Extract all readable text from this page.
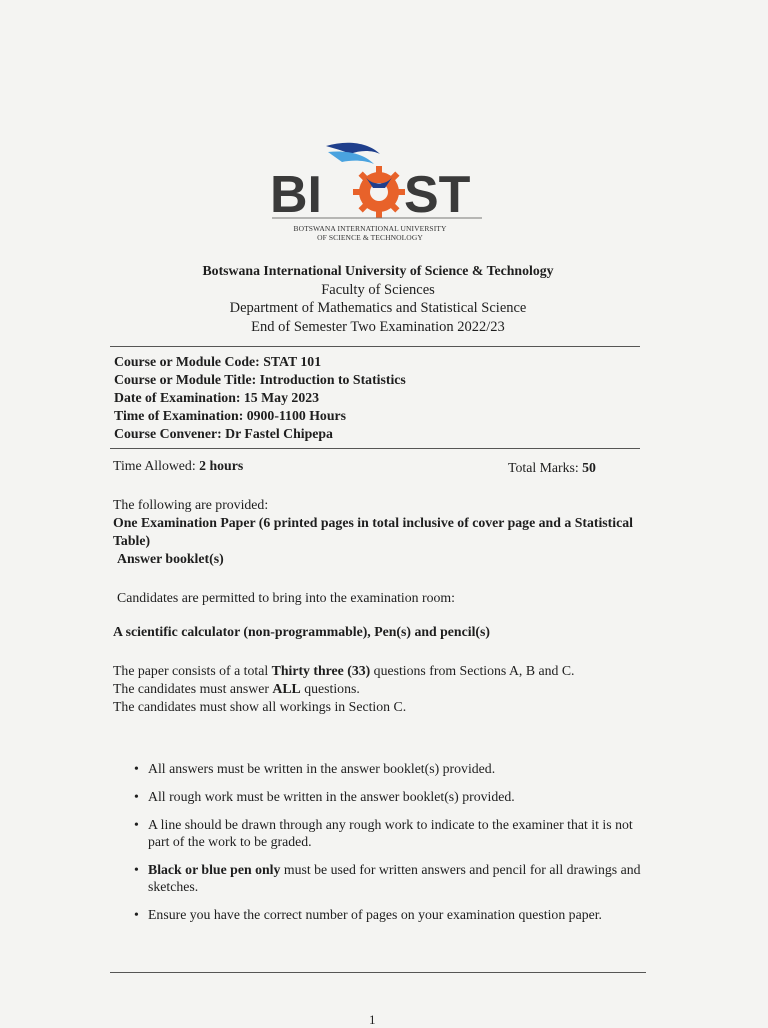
BI ST
BOTSWANA INTERNATIONAL UNIVERSITY
OF SCIENCE & TECHNOLOGY
Botswana International University of Science & Technology
Faculty of Sciences
Department of Mathematics and Statistical Science
End of Semester Two Examination 2022/23
Course or Module Code: STAT 101
Course or Module Title: Introduction to Statistics
Date of Examination: 15 May 2023
Time of Examination: 0900-1100 Hours
Course Convener: Dr Fastel Chipepa
Time Allowed: 2 hours	Total Marks: 50
The following are provided:
One Examination Paper (6 printed pages in total inclusive of cover page and a Statistical Table)
Answer booklet(s)
Candidates are permitted to bring into the examination room:
A scientific calculator (non-programmable), Pen(s) and pencil(s)
The paper consists of a total Thirty three (33) questions from Sections A, B and C.
The candidates must answer ALL questions.
The candidates must show all workings in Section C.
• All answers must be written in the answer booklet(s) provided.
• All rough work must be written in the answer booklet(s) provided.
• A line should be drawn through any rough work to indicate to the examiner that it is not part of the work to be graded.
• Black or blue pen only must be used for written answers and pencil for all drawings and sketches.
• Ensure you have the correct number of pages on your examination question paper.
1
